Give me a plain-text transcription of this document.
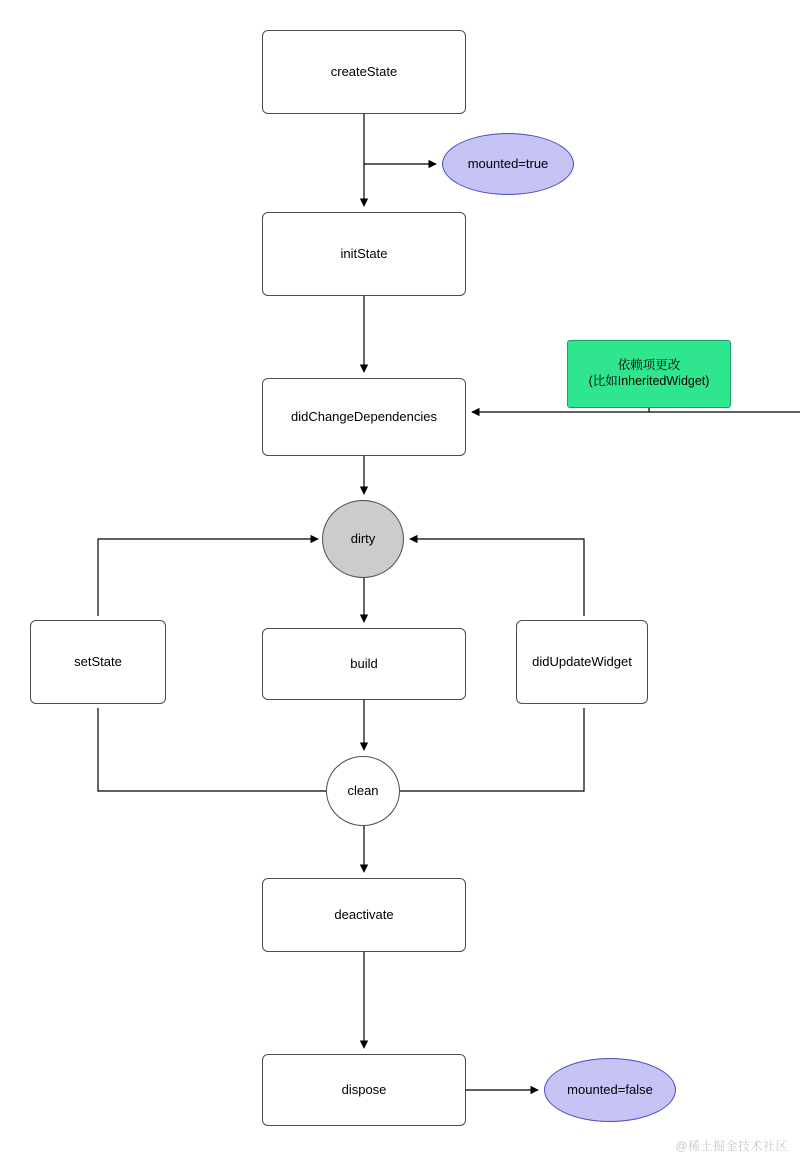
createState
mounted=true
initState
didChangeDependencies
依赖项更改
(比如InheritedWidget)
dirty
setState	build	didUpdateWidget
clean
deactivate
dispose	mounted=false
@稀土掘金技术社区
